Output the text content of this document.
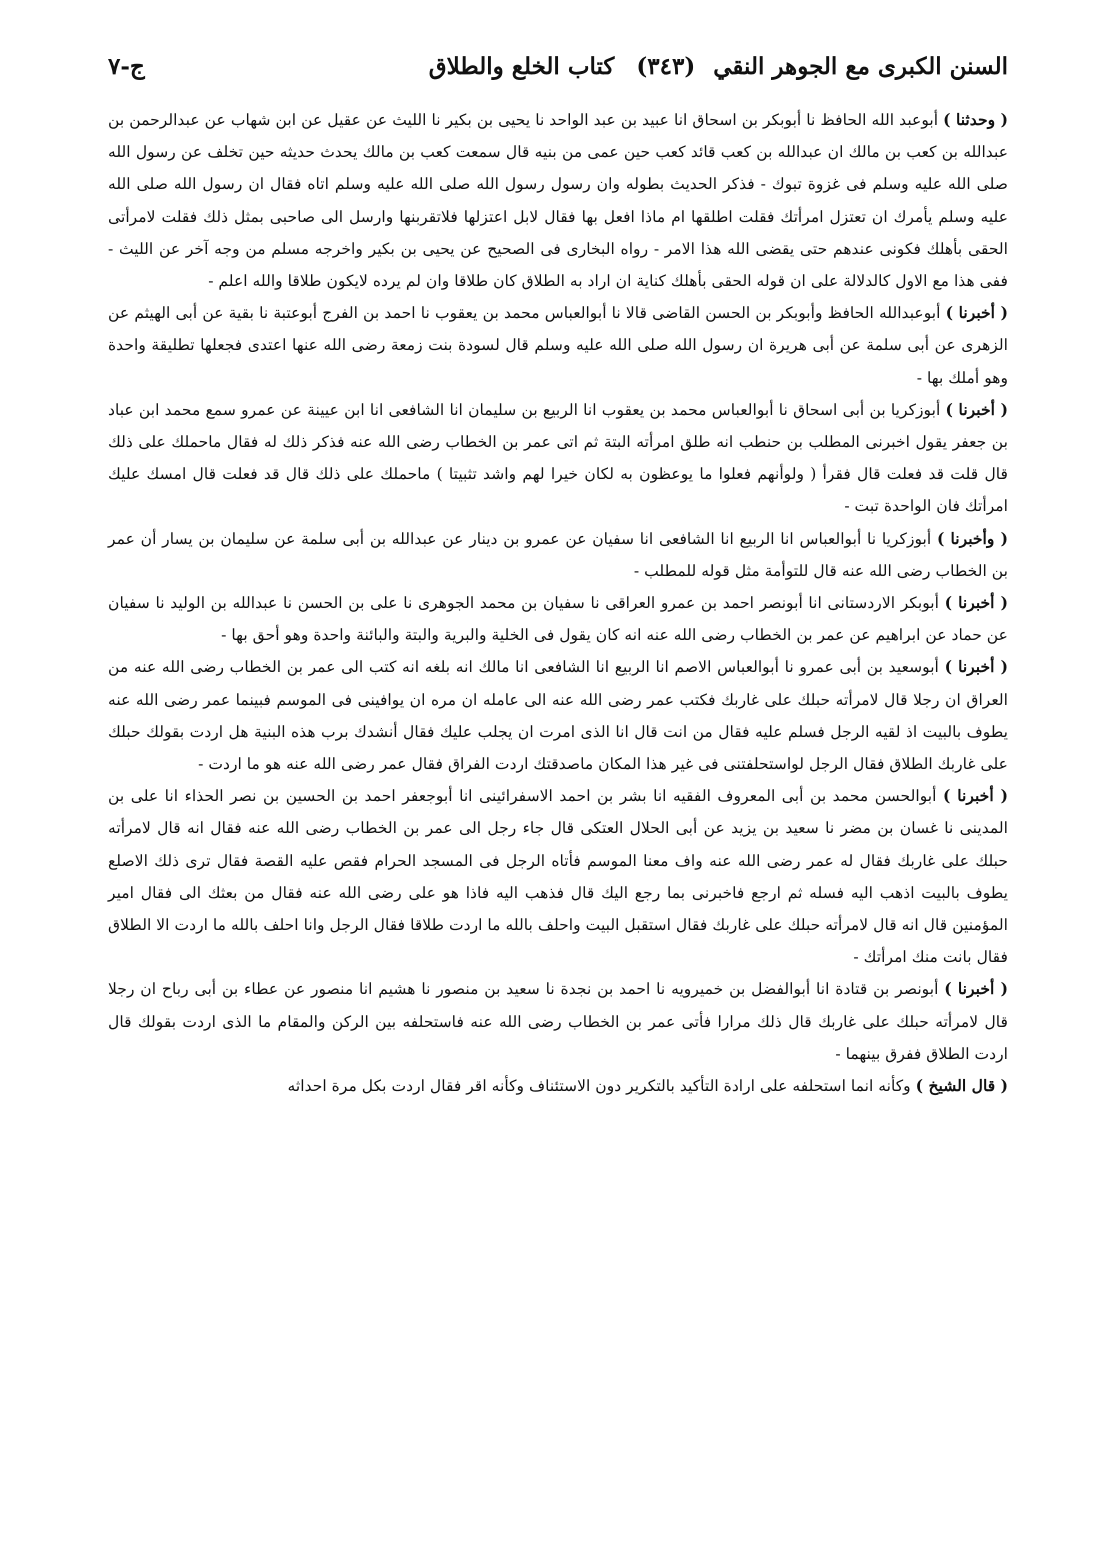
السنن الكبرى مع الجوهر النقي
(٣٤٣)
كتاب الخلع والطلاق
ج-٧

( وحدثنا ) أبوعبد الله الحافظ نا أبوبكر بن اسحاق انا عبيد بن عبد الواحد نا يحيى بن بكير نا الليث عن عقيل عن ابن شهاب عن عبدالرحمن بن عبدالله بن كعب بن مالك ان عبدالله بن كعب قائد كعب حين عمى من بنيه قال سمعت كعب بن مالك يحدث حديثه حين تخلف عن رسول الله صلى الله عليه وسلم فى غزوة تبوك - فذكر الحديث بطوله وان رسول رسول الله صلى الله عليه وسلم اتاه فقال ان رسول الله صلى الله عليه وسلم يأمرك ان تعتزل امرأتك فقلت اطلقها ام ماذا افعل بها فقال لابل اعتزلها فلاتقربنها وارسل الى صاحبى بمثل ذلك فقلت لامرأتى الحقى بأهلك فكونى عندهم حتى يقضى الله هذا الامر - رواه البخارى فى الصحيح عن يحيى بن بكير واخرجه مسلم من وجه آخر عن الليث - ففى هذا مع الاول كالدلالة على ان قوله الحقى بأهلك كناية ان اراد به الطلاق كان طلاقا وان لم يرده لايكون طلاقا والله اعلم -

( أخبرنا ) أبوعبدالله الحافظ وأبوبكر بن الحسن القاضى قالا نا أبوالعباس محمد بن يعقوب نا احمد بن الفرج أبوعتبة نا بقية عن أبى الهيثم عن الزهرى عن أبى سلمة عن أبى هريرة ان رسول الله صلى الله عليه وسلم قال لسودة بنت زمعة رضى الله عنها اعتدى فجعلها تطليقة واحدة وهو أملك بها -

( أخبرنا ) أبوزكريا بن أبى اسحاق نا أبوالعباس محمد بن يعقوب انا الربيع بن سليمان انا الشافعى انا ابن عيينة عن عمرو سمع محمد ابن عباد بن جعفر يقول اخبرنى المطلب بن حنطب انه طلق امرأته البتة ثم اتى عمر بن الخطاب رضى الله عنه فذكر ذلك له فقال ماحملك على ذلك قال قلت قد فعلت قال فقرأ ( ولوأنهم فعلوا ما يوعظون به لكان خيرا لهم واشد تثبيتا ) ماحملك على ذلك قال قد فعلت قال امسك عليك امرأتك فان الواحدة تبت -

( وأخبرنا ) أبوزكريا نا أبوالعباس انا الربيع انا الشافعى انا سفيان عن عمرو بن دينار عن عبدالله بن أبى سلمة عن سليمان بن يسار أن عمر بن الخطاب رضى الله عنه قال للتوأمة مثل قوله للمطلب -

( أخبرنا ) أبوبكر الاردستانى انا أبونصر احمد بن عمرو العراقى نا سفيان بن محمد الجوهرى نا على بن الحسن نا عبدالله بن الوليد نا سفيان عن حماد عن ابراهيم عن عمر بن الخطاب رضى الله عنه انه كان يقول فى الخلية والبرية والبتة والبائنة واحدة وهو أحق بها -

( أخبرنا ) أبوسعيد بن أبى عمرو نا أبوالعباس الاصم انا الربيع انا الشافعى انا مالك انه بلغه انه كتب الى عمر بن الخطاب رضى الله عنه من العراق ان رجلا قال لامرأته حبلك على غاربك فكتب عمر رضى الله عنه الى عامله ان مره ان يوافينى فى الموسم فبينما عمر رضى الله عنه يطوف بالبيت اذ لقيه الرجل فسلم عليه فقال من انت قال انا الذى امرت ان يجلب عليك فقال أنشدك برب هذه البنية هل اردت بقولك حبلك على غاربك الطلاق فقال الرجل لواستحلفتنى فى غير هذا المكان ماصدقتك اردت الفراق فقال عمر رضى الله عنه هو ما اردت -

( أخبرنا ) أبوالحسن محمد بن أبى المعروف الفقيه انا بشر بن احمد الاسفرائينى انا أبوجعفر احمد بن الحسين بن نصر الحذاء انا على بن المدينى نا غسان بن مضر نا سعيد بن يزيد عن أبى الحلال العتكى قال جاء رجل الى عمر بن الخطاب رضى الله عنه فقال انه قال لامرأته حبلك على غاربك فقال له عمر رضى الله عنه واف معنا الموسم فأتاه الرجل فى المسجد الحرام فقص عليه القصة فقال ترى ذلك الاصلع يطوف بالبيت اذهب اليه فسله ثم ارجع فاخبرنى بما رجع اليك قال فذهب اليه فاذا هو على رضى الله عنه فقال من بعثك الى فقال امير المؤمنين قال انه قال لامرأته حبلك على غاربك فقال استقبل البيت واحلف بالله ما اردت طلاقا فقال الرجل وانا احلف بالله ما اردت الا الطلاق فقال بانت منك امرأتك -

( أخبرنا ) أبونصر بن قتادة انا أبوالفضل بن خميرويه نا احمد بن نجدة نا سعيد بن منصور نا هشيم انا منصور عن عطاء بن أبى رباح ان رجلا قال لامرأته حبلك على غاربك قال ذلك مرارا فأتى عمر بن الخطاب رضى الله عنه فاستحلفه بين الركن والمقام ما الذى اردت بقولك قال اردت الطلاق ففرق بينهما -

( قال الشيخ ) وكأنه انما استحلفه على ارادة التأكيد بالتكرير دون الاستئناف وكأنه اقر فقال اردت بكل مرة احداثه
